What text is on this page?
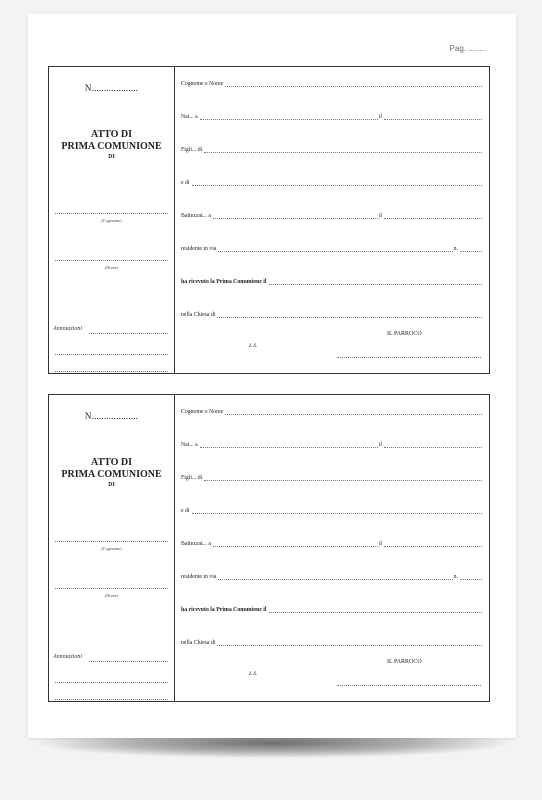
Pag. ........
N...................
ATTO DI
PRIMA COMUNIONE
DI
(Cognome)
(Nome)
Annotazioni
Cognome e Nome
Nat... a	il
Figli... di
e di
Battezzat... a	il
residente in via	n.
ha ricevuto la Prima Comunione il
nella Chiesa di
IL PARROCO
L.S.
N...................
ATTO DI
PRIMA COMUNIONE
DI
(Cognome)
(Nome)
Annotazioni
Cognome e Nome
Nat... a	il
Figli... di
e di
Battezzat... a	il
residente in via	n.
ha ricevuto la Prima Comunione il
nella Chiesa di
IL PARROCO
L.S.
